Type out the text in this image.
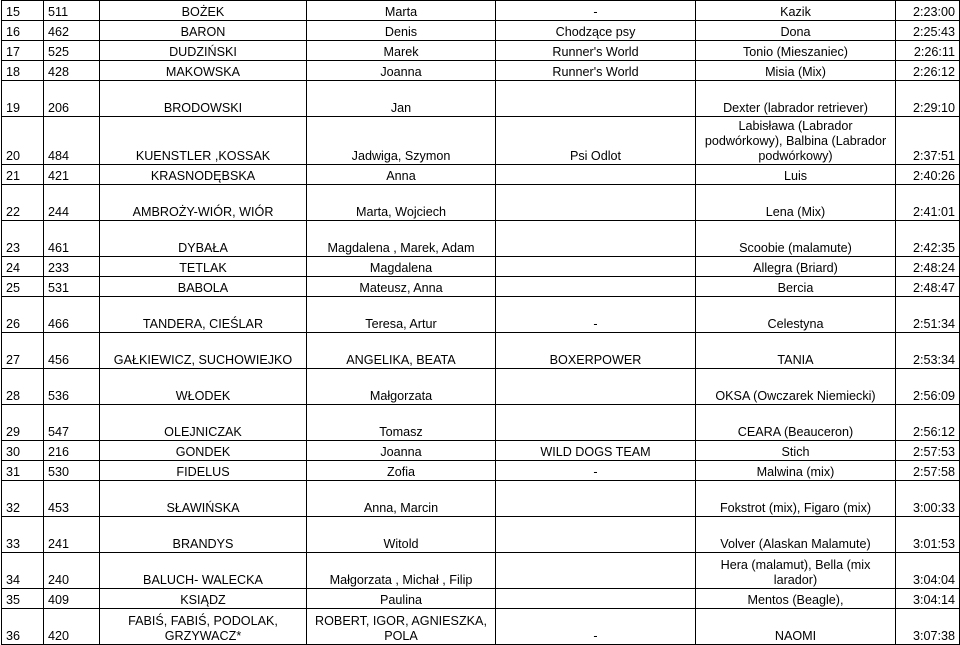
15	511	BOŻEK	Marta	-	Kazik	2:23:00
16	462	BARON	Denis	Chodzące psy	Dona	2:25:43
17	525	DUDZIŃSKI	Marek	Runner's World	Tonio (Mieszaniec)	2:26:11
18	428	MAKOWSKA	Joanna	Runner's World	Misia (Mix)	2:26:12
19	206	BRODOWSKI	Jan		Dexter (labrador retriever)	2:29:10
20	484	KUENSTLER ,KOSSAK	Jadwiga, Szymon	Psi Odlot	Labisława (Labrador podwórkowy), Balbina (Labrador podwórkowy)	2:37:51
21	421	KRASNODĘBSKA	Anna		Luis	2:40:26
22	244	AMBROŻY-WIÓR, WIÓR	Marta, Wojciech		Lena (Mix)	2:41:01
23	461	DYBAŁA	Magdalena , Marek, Adam		Scoobie (malamute)	2:42:35
24	233	TETLAK	Magdalena		Allegra (Briard)	2:48:24
25	531	BABOLA	Mateusz, Anna		Bercia	2:48:47
26	466	TANDERA, CIEŚLAR	Teresa, Artur	-	Celestyna	2:51:34
27	456	GAŁKIEWICZ, SUCHOWIEJKO	ANGELIKA, BEATA	BOXERPOWER	TANIA	2:53:34
28	536	WŁODEK	Małgorzata		OKSA (Owczarek Niemiecki)	2:56:09
29	547	OLEJNICZAK	Tomasz		CEARA (Beauceron)	2:56:12
30	216	GONDEK	Joanna	WILD DOGS TEAM	Stich	2:57:53
31	530	FIDELUS	Zofia	-	Malwina (mix)	2:57:58
32	453	SŁAWIŃSKA	Anna, Marcin		Fokstrot (mix), Figaro (mix)	3:00:33
33	241	BRANDYS	Witold		Volver (Alaskan Malamute)	3:01:53
34	240	BALUCH- WALECKA	Małgorzata , Michał , Filip		Hera (malamut), Bella (mix larador)	3:04:04
35	409	KSIĄDZ	Paulina		Mentos (Beagle),	3:04:14
36	420	FABIŚ, FABIŚ, PODOLAK, GRZYWACZ*	ROBERT, IGOR, AGNIESZKA, POLA	-	NAOMI	3:07:38
